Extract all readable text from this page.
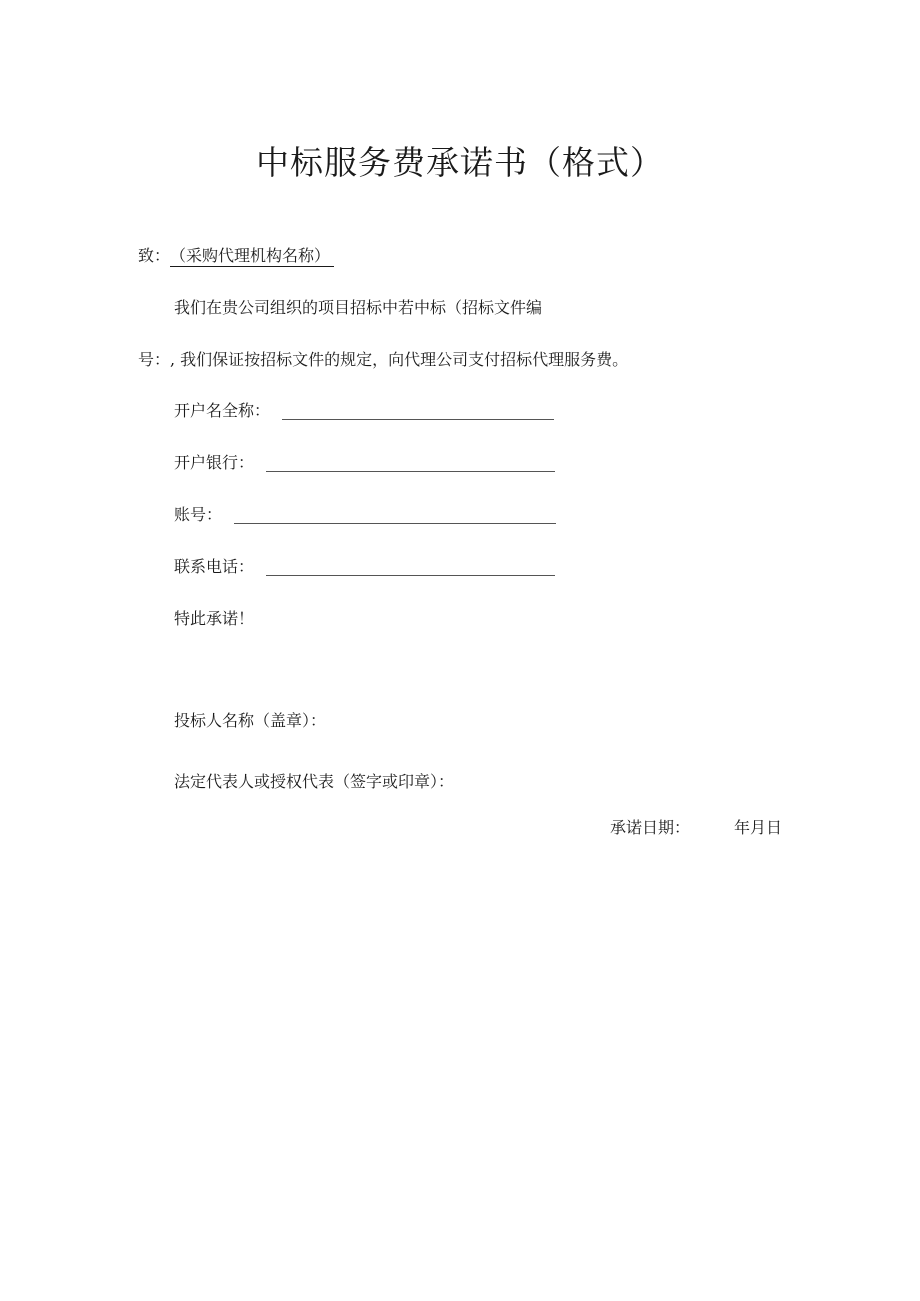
中标服务费承诺书（格式）
致：（采购代理机构名称）
我们在贵公司组织的项目招标中若中标（招标文件编
号：, 我们保证按招标文件的规定，向代理公司支付招标代理服务费。
开户名全称：
开户银行：
账号：
联系电话：
特此承诺！
投标人名称（盖章）：
法定代表人或授权代表（签字或印章）：
承诺日期：	年月日
